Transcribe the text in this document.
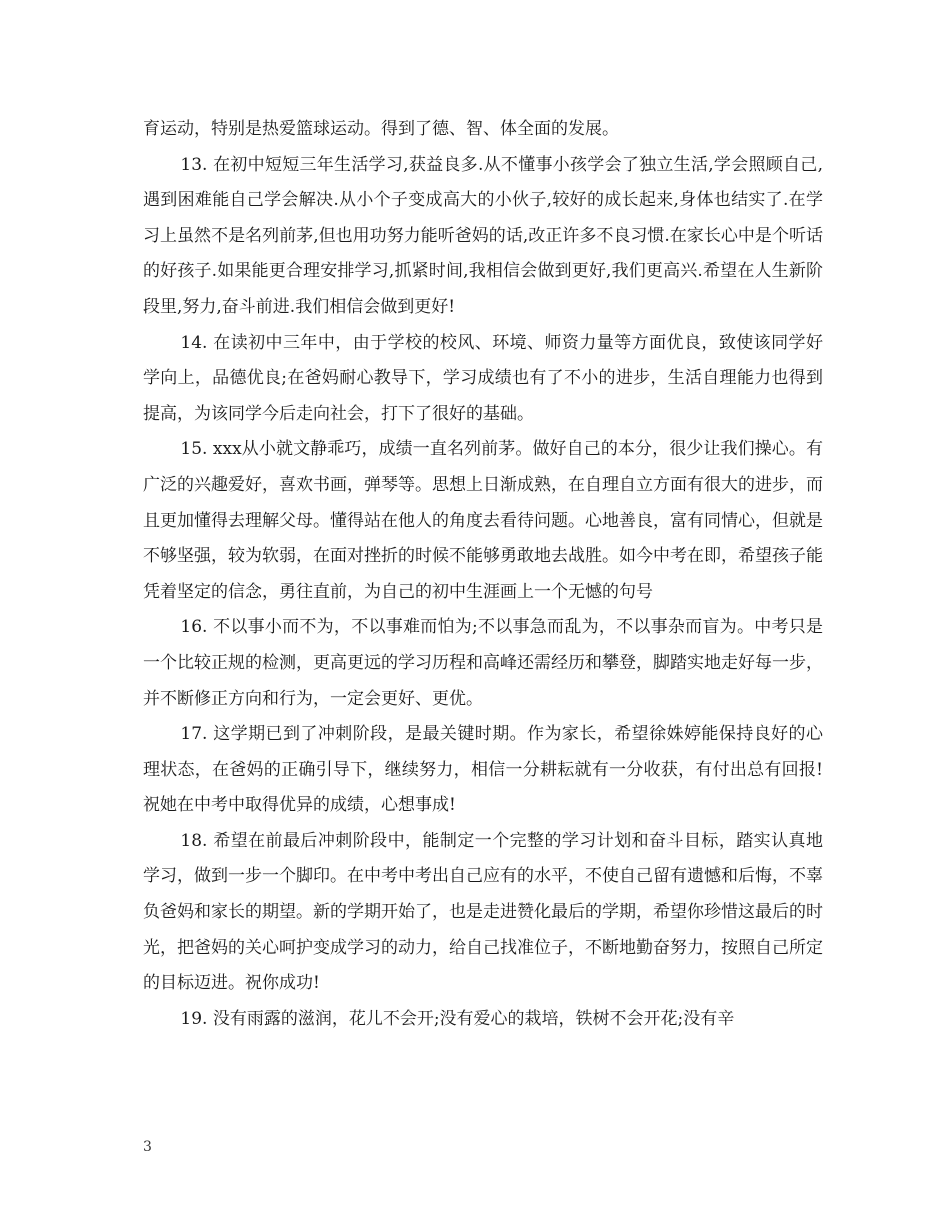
育运动，特别是热爱篮球运动。得到了德、智、体全面的发展。

13. 在初中短短三年生活学习,获益良多.从不懂事小孩学会了独立生活,学会照顾自己,遇到困难能自己学会解决.从小个子变成高大的小伙子,较好的成长起来,身体也结实了.在学习上虽然不是名列前茅,但也用功努力能听爸妈的话,改正许多不良习惯.在家长心中是个听话的好孩子.如果能更合理安排学习,抓紧时间,我相信会做到更好,我们更高兴.希望在人生新阶段里,努力,奋斗前进.我们相信会做到更好!

14. 在读初中三年中，由于学校的校风、环境、师资力量等方面优良，致使该同学好学向上，品德优良;在爸妈耐心教导下，学习成绩也有了不小的进步，生活自理能力也得到提高，为该同学今后走向社会，打下了很好的基础。

15. xxx从小就文静乖巧，成绩一直名列前茅。做好自己的本分，很少让我们操心。有广泛的兴趣爱好，喜欢书画，弹琴等。思想上日渐成熟，在自理自立方面有很大的进步，而且更加懂得去理解父母。懂得站在他人的角度去看待问题。心地善良，富有同情心，但就是不够坚强，较为软弱，在面对挫折的时候不能够勇敢地去战胜。如今中考在即，希望孩子能凭着坚定的信念，勇往直前，为自己的初中生涯画上一个无憾的句号

16. 不以事小而不为，不以事难而怕为;不以事急而乱为，不以事杂而盲为。中考只是一个比较正规的检测，更高更远的学习历程和高峰还需经历和攀登，脚踏实地走好每一步，并不断修正方向和行为，一定会更好、更优。

17. 这学期已到了冲刺阶段，是最关键时期。作为家长，希望徐姝婷能保持良好的心理状态，在爸妈的正确引导下，继续努力，相信一分耕耘就有一分收获，有付出总有回报!祝她在中考中取得优异的成绩，心想事成!

18. 希望在前最后冲刺阶段中，能制定一个完整的学习计划和奋斗目标，踏实认真地学习，做到一步一个脚印。在中考中考出自己应有的水平，不使自己留有遗憾和后悔，不辜负爸妈和家长的期望。新的学期开始了，也是走进赞化最后的学期，希望你珍惜这最后的时光，把爸妈的关心呵护变成学习的动力，给自己找准位子，不断地勤奋努力，按照自己所定的目标迈进。祝你成功!

19. 没有雨露的滋润，花儿不会开;没有爱心的栽培，铁树不会开花;没有辛

3
